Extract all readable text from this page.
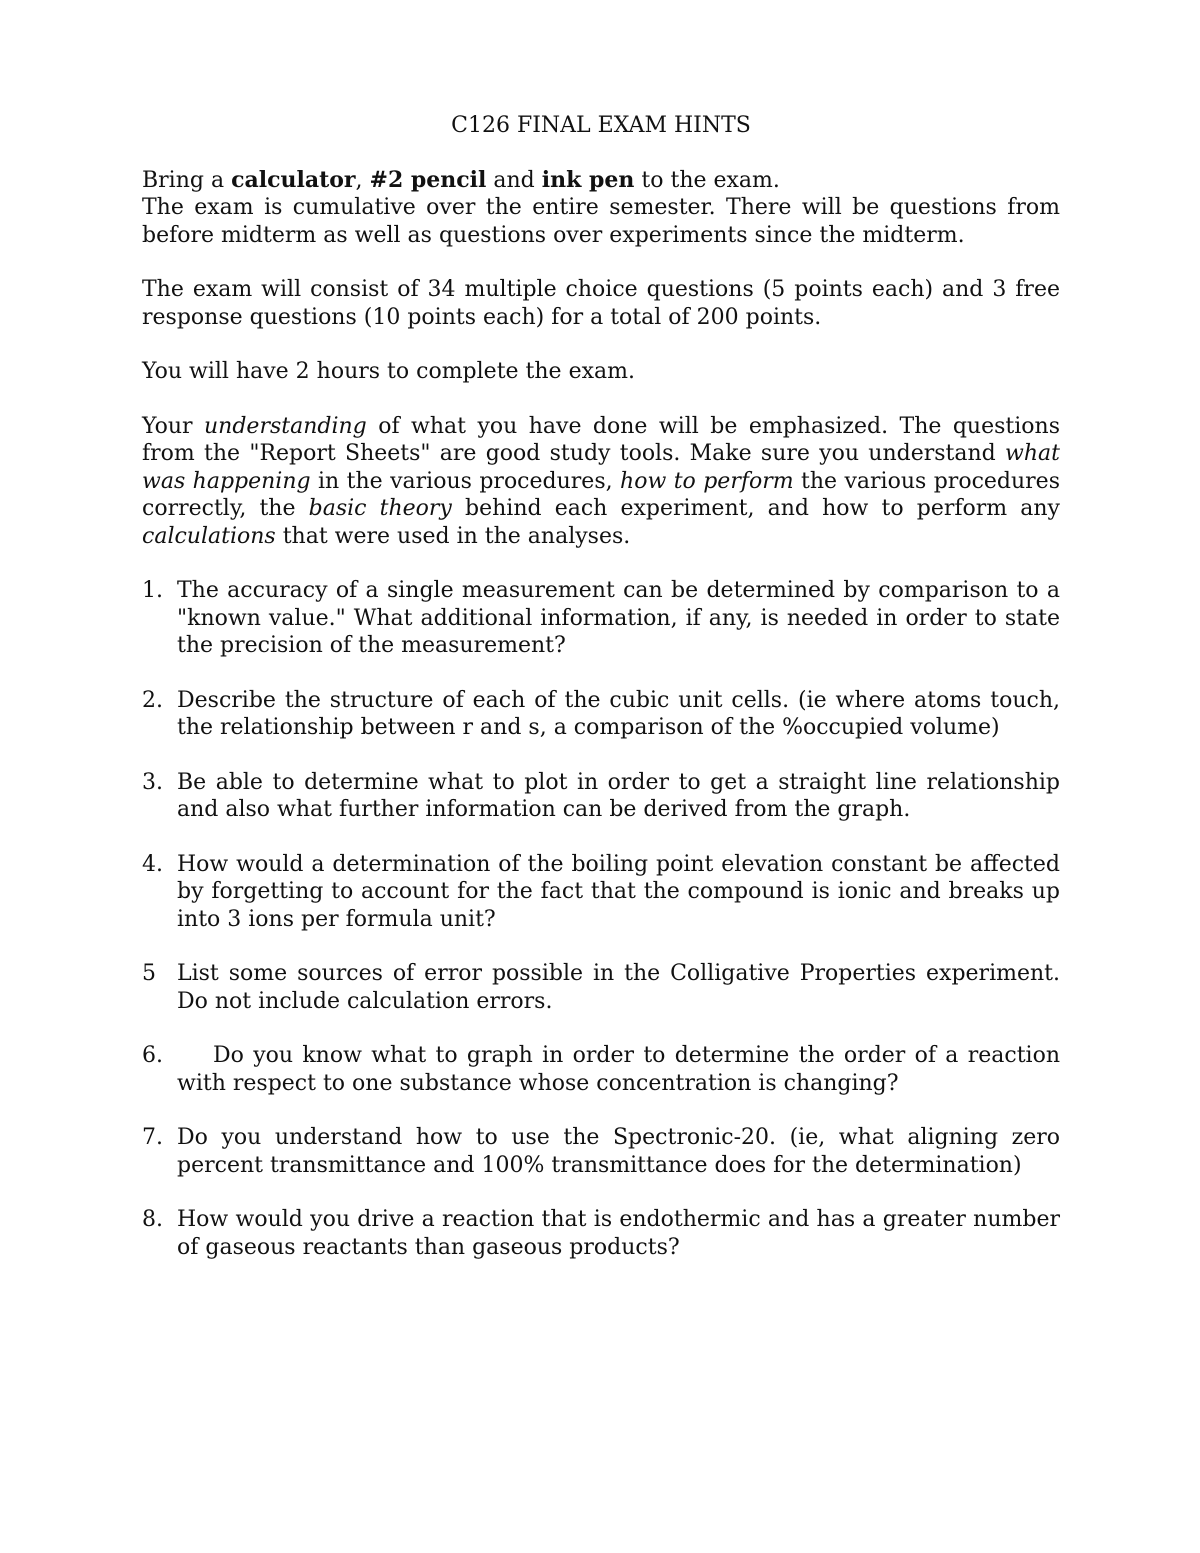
C126 FINAL EXAM HINTS
Bring a calculator, #2 pencil and ink pen to the exam.
The exam is cumulative over the entire semester. There will be questions from before midterm as well as questions over experiments since the midterm.
The exam will consist of 34 multiple choice questions (5 points each) and 3 free response questions (10 points each) for a total of 200 points.
You will have 2 hours to complete the exam.
Your understanding of what you have done will be emphasized. The questions from the "Report Sheets" are good study tools. Make sure you understand what was happening in the various procedures, how to perform the various procedures correctly, the basic theory behind each experiment, and how to perform any calculations that were used in the analyses.
1. The accuracy of a single measurement can be determined by comparison to a "known value." What additional information, if any, is needed in order to state the precision of the measurement?
2. Describe the structure of each of the cubic unit cells. (ie where atoms touch, the relationship between r and s, a comparison of the %occupied volume)
3. Be able to determine what to plot in order to get a straight line relationship and also what further information can be derived from the graph.
4. How would a determination of the boiling point elevation constant be affected by forgetting to account for the fact that the compound is ionic and breaks up into 3 ions per formula unit?
5 List some sources of error possible in the Colligative Properties experiment. Do not include calculation errors.
6. Do you know what to graph in order to determine the order of a reaction with respect to one substance whose concentration is changing?
7. Do you understand how to use the Spectronic-20. (ie, what aligning zero percent transmittance and 100% transmittance does for the determination)
8. How would you drive a reaction that is endothermic and has a greater number of gaseous reactants than gaseous products?
